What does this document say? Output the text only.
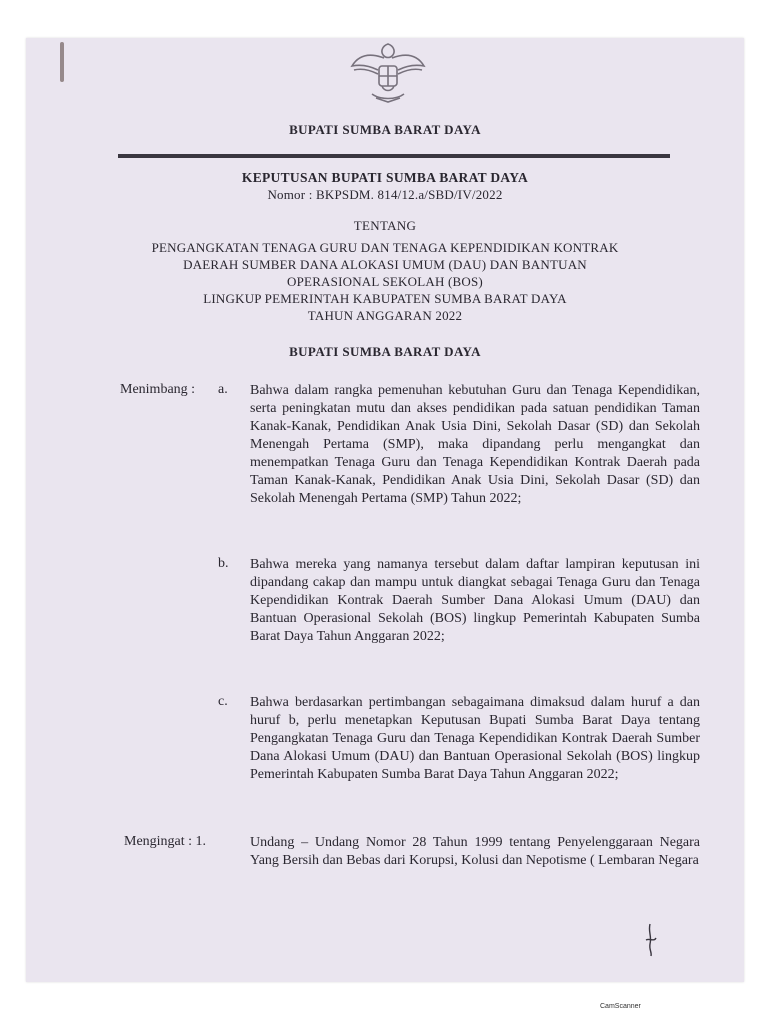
BUPATI SUMBA BARAT DAYA
KEPUTUSAN BUPATI SUMBA BARAT DAYA
Nomor : BKPSDM. 814/12.a/SBD/IV/2022
TENTANG
PENGANGKATAN TENAGA GURU DAN TENAGA KEPENDIDIKAN KONTRAK
DAERAH SUMBER DANA ALOKASI UMUM (DAU) DAN BANTUAN
OPERASIONAL SEKOLAH (BOS)
LINGKUP PEMERINTAH KABUPATEN SUMBA BARAT DAYA
TAHUN ANGGARAN 2022
BUPATI SUMBA BARAT DAYA
Menimbang : a. Bahwa dalam rangka pemenuhan kebutuhan Guru dan Tenaga Kependidikan, serta peningkatan mutu dan akses pendidikan pada satuan pendidikan Taman Kanak-Kanak, Pendidikan Anak Usia Dini, Sekolah Dasar (SD) dan Sekolah Menengah Pertama (SMP), maka dipandang perlu mengangkat dan menempatkan Tenaga Guru dan Tenaga Kependidikan Kontrak Daerah pada Taman Kanak-Kanak, Pendidikan Anak Usia Dini, Sekolah Dasar (SD) dan Sekolah Menengah Pertama (SMP) Tahun 2022;

b. Bahwa mereka yang namanya tersebut dalam daftar lampiran keputusan ini dipandang cakap dan mampu untuk diangkat sebagai Tenaga Guru dan Tenaga Kependidikan Kontrak Daerah Sumber Dana Alokasi Umum (DAU) dan Bantuan Operasional Sekolah (BOS) lingkup Pemerintah Kabupaten Sumba Barat Daya Tahun Anggaran 2022;

c. Bahwa berdasarkan pertimbangan sebagaimana dimaksud dalam huruf a dan huruf b, perlu menetapkan Keputusan Bupati Sumba Barat Daya tentang Pengangkatan Tenaga Guru dan Tenaga Kependidikan Kontrak Daerah Sumber Dana Alokasi Umum (DAU) dan Bantuan Operasional Sekolah (BOS) lingkup Pemerintah Kabupaten Sumba Barat Daya Tahun Anggaran 2022;

Mengingat : 1.	Undang – Undang Nomor 28 Tahun 1999 tentang Penyelenggaraan Negara Yang Bersih dan Bebas dari Korupsi, Kolusi dan Nepotisme ( Lembaran Negara

CamScanner
